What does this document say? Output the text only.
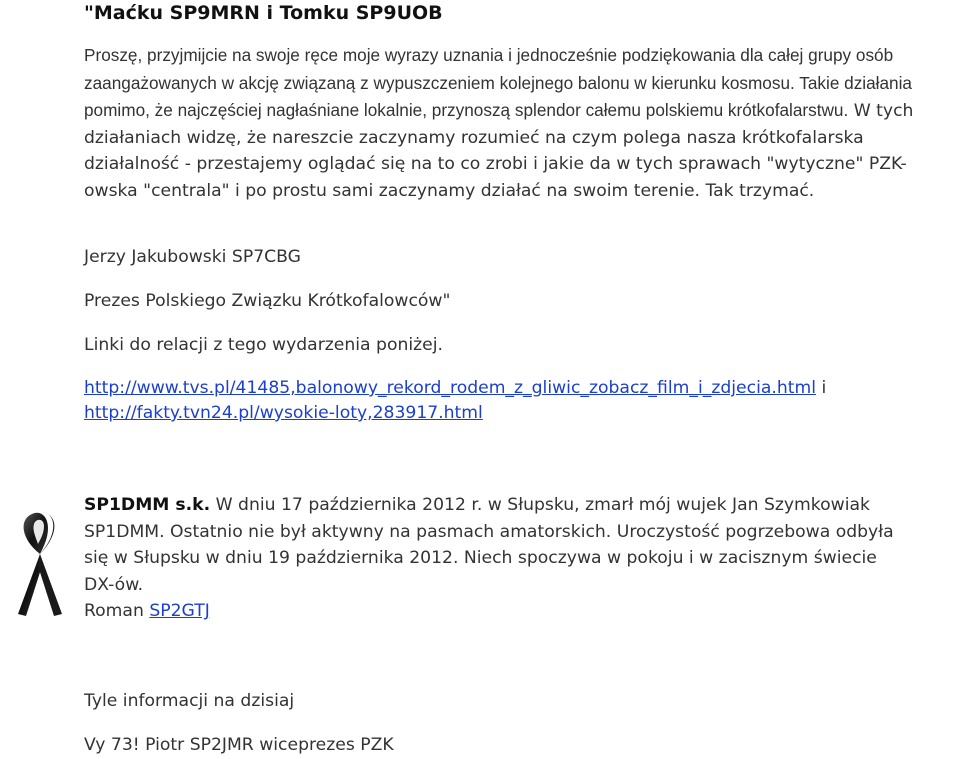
"Maćku SP9MRN i Tomku SP9UOB

Proszę, przyjmijcie na swoje ręce moje wyrazy uznania i jednocześnie podziękowania dla całej grupy osób zaangażowanych w akcję związaną z wypuszczeniem kolejnego balonu w kierunku kosmosu. Takie działania pomimo, że najczęściej nagłaśniane lokalnie, przynoszą splendor całemu polskiemu krótkofalarstwu. W tych działaniach widzę, że nareszcie zaczynamy rozumieć na czym polega nasza krótkofalarska działalność - przestajemy oglądać się na to co zrobi i jakie da w tych sprawach "wytyczne" PZK-owska "centrala" i po prostu sami zaczynamy działać na swoim terenie. Tak trzymać.

Jerzy Jakubowski SP7CBG
Prezes Polskiego Związku Krótkofalowców"
Linki do relacji z tego wydarzenia poniżej.
http://www.tvs.pl/41485,balonowy_rekord_rodem_z_gliwic_zobacz_film_i_zdjecia.html i
http://fakty.tvn24.pl/wysokie-loty,283917.html
SP1DMM s.k. W dniu 17 października 2012 r. w Słupsku, zmarł mój wujek Jan Szymkowiak SP1DMM. Ostatnio nie był aktywny na pasmach amatorskich. Uroczystość pogrzebowa odbyła się w Słupsku w dniu 19 października 2012. Niech spoczywa w pokoju i w zacisznym świecie DX-ów.
Roman SP2GTJ
Tyle informacji na dzisiaj
Vy 73! Piotr SP2JMR wiceprezes PZK
